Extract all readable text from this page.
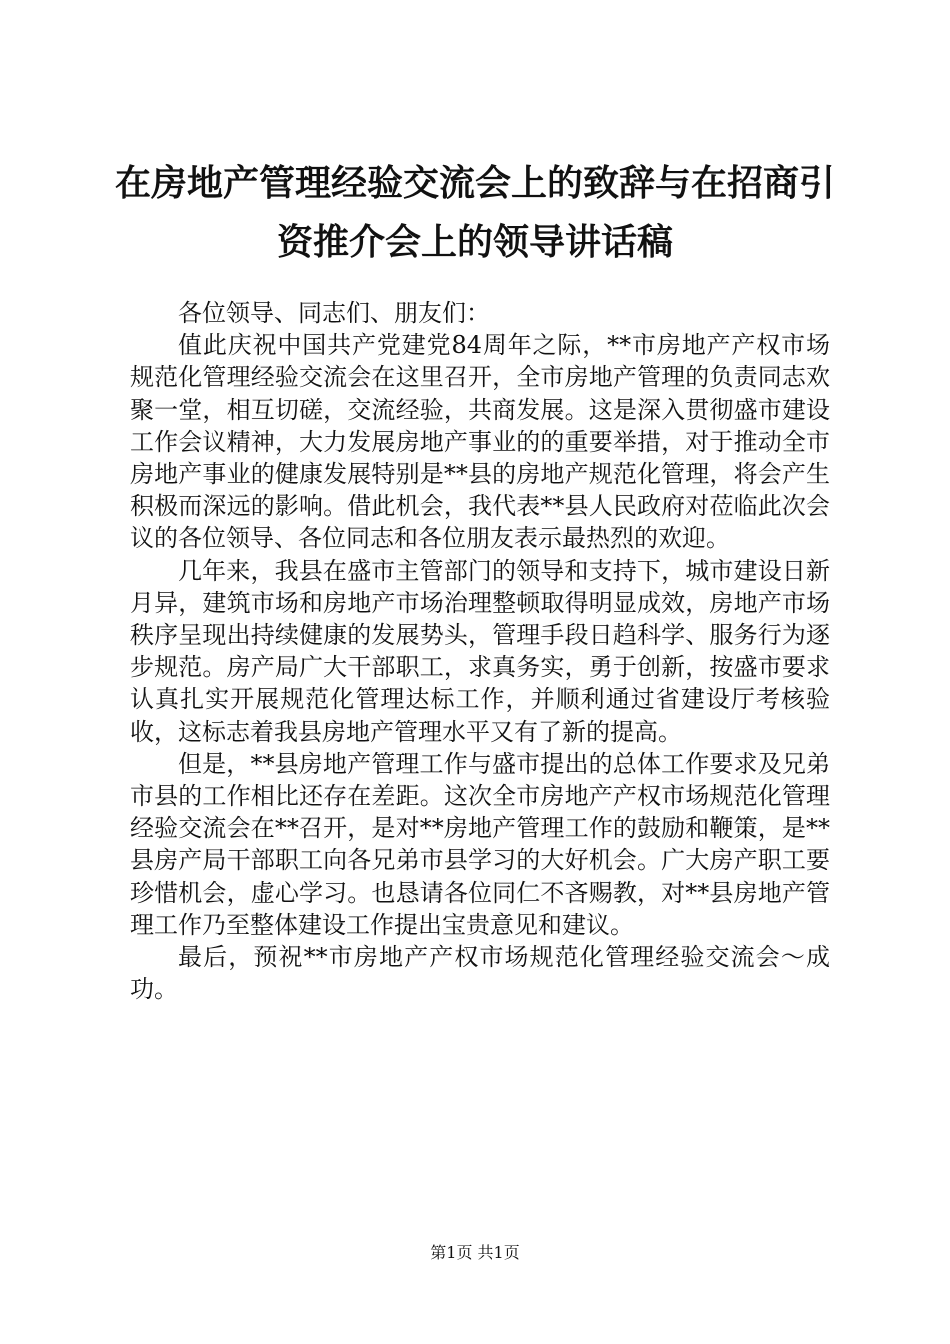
在房地产管理经验交流会上的致辞与在招商引
资推介会上的领导讲话稿

各位领导、同志们、朋友们：

值此庆祝中国共产党建党84周年之际，**市房地产产权市场规范化管理经验交流会在这里召开，全市房地产管理的负责同志欢聚一堂，相互切磋，交流经验，共商发展。这是深入贯彻盛市建设工作会议精神，大力发展房地产事业的的重要举措，对于推动全市房地产事业的健康发展特别是**县的房地产规范化管理，将会产生积极而深远的影响。借此机会，我代表**县人民政府对莅临此次会议的各位领导、各位同志和各位朋友表示最热烈的欢迎。

几年来，我县在盛市主管部门的领导和支持下，城市建设日新月异，建筑市场和房地产市场治理整顿取得明显成效，房地产市场秩序呈现出持续健康的发展势头，管理手段日趋科学、服务行为逐步规范。房产局广大干部职工，求真务实，勇于创新，按盛市要求认真扎实开展规范化管理达标工作，并顺利通过省建设厅考核验收，这标志着我县房地产管理水平又有了新的提高。

但是，**县房地产管理工作与盛市提出的总体工作要求及兄弟市县的工作相比还存在差距。这次全市房地产产权市场规范化管理经验交流会在**召开，是对**房地产管理工作的鼓励和鞭策，是**县房产局干部职工向各兄弟市县学习的大好机会。广大房产职工要珍惜机会，虚心学习。也恳请各位同仁不吝赐教，对**县房地产管理工作乃至整体建设工作提出宝贵意见和建议。

最后，预祝**市房地产产权市场规范化管理经验交流会～成功。

第1页 共1页
